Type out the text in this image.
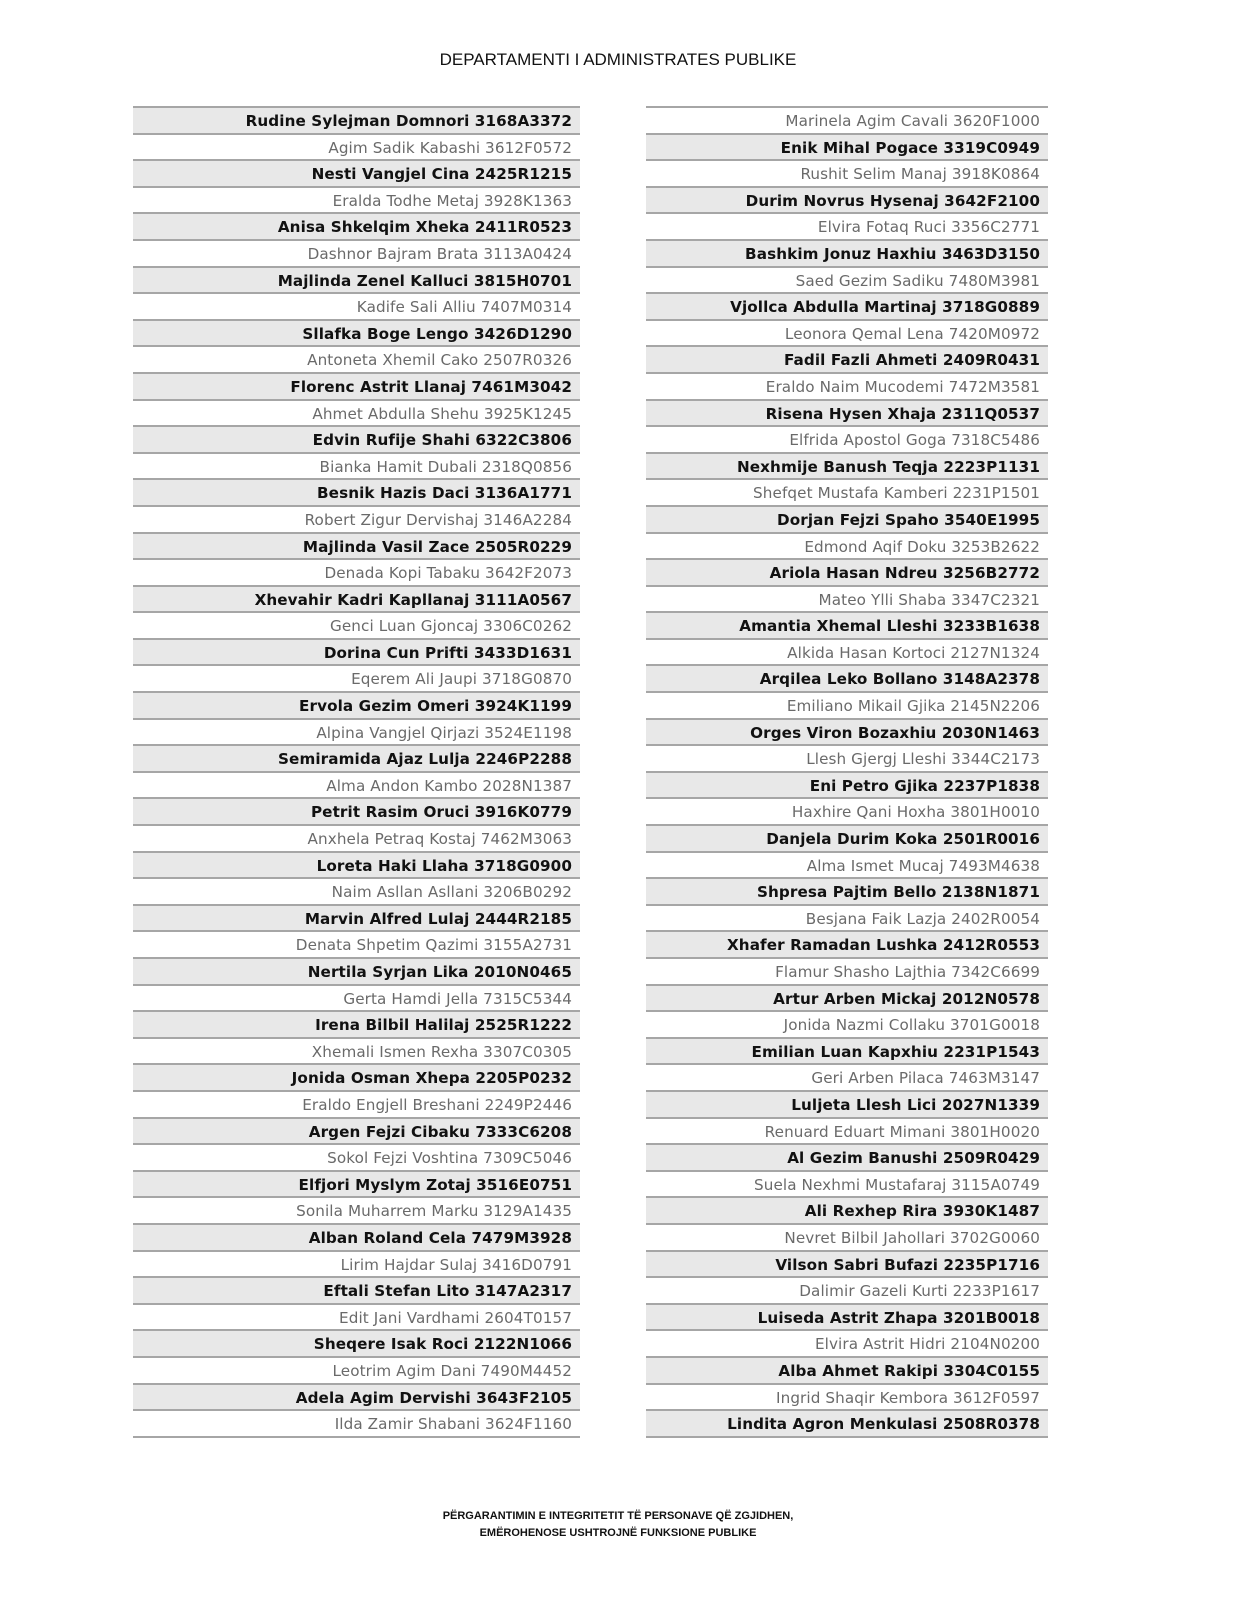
DEPARTAMENTI I ADMINISTRATES PUBLIKE
Rudine Sylejman Domnori 3168A3372
Agim Sadik Kabashi 3612F0572
Nesti Vangjel Cina 2425R1215
Eralda Todhe Metaj 3928K1363
Anisa Shkelqim Xheka 2411R0523
Dashnor Bajram Brata 3113A0424
Majlinda Zenel Kalluci 3815H0701
Kadife Sali Alliu 7407M0314
Sllafka Boge Lengo 3426D1290
Antoneta Xhemil Cako 2507R0326
Florenc Astrit Llanaj 7461M3042
Ahmet Abdulla Shehu 3925K1245
Edvin Rufije Shahi 6322C3806
Bianka Hamit Dubali 2318Q0856
Besnik Hazis Daci 3136A1771
Robert Zigur Dervishaj 3146A2284
Majlinda Vasil Zace 2505R0229
Denada Kopi Tabaku 3642F2073
Xhevahir Kadri Kapllanaj 3111A0567
Genci Luan Gjoncaj 3306C0262
Dorina Cun Prifti 3433D1631
Eqerem Ali Jaupi 3718G0870
Ervola Gezim Omeri 3924K1199
Alpina Vangjel Qirjazi 3524E1198
Semiramida Ajaz Lulja 2246P2288
Alma Andon Kambo 2028N1387
Petrit Rasim Oruci 3916K0779
Anxhela Petraq Kostaj 7462M3063
Loreta Haki Llaha 3718G0900
Naim Asllan Asllani 3206B0292
Marvin Alfred Lulaj 2444R2185
Denata Shpetim Qazimi 3155A2731
Nertila Syrjan Lika 2010N0465
Gerta Hamdi Jella 7315C5344
Irena Bilbil Halilaj 2525R1222
Xhemali Ismen Rexha 3307C0305
Jonida Osman Xhepa 2205P0232
Eraldo Engjell Breshani 2249P2446
Argen Fejzi Cibaku 7333C6208
Sokol Fejzi Voshtina 7309C5046
Elfjori Myslym Zotaj 3516E0751
Sonila Muharrem Marku 3129A1435
Alban Roland Cela 7479M3928
Lirim Hajdar Sulaj 3416D0791
Eftali Stefan Lito 3147A2317
Edit Jani Vardhami 2604T0157
Sheqere Isak Roci 2122N1066
Leotrim Agim Dani 7490M4452
Adela Agim Dervishi 3643F2105
Ilda Zamir Shabani 3624F1160
Marinela Agim Cavali 3620F1000
Enik Mihal Pogace 3319C0949
Rushit Selim Manaj 3918K0864
Durim Novrus Hysenaj 3642F2100
Elvira Fotaq Ruci 3356C2771
Bashkim Jonuz Haxhiu 3463D3150
Saed Gezim Sadiku 7480M3981
Vjollca Abdulla Martinaj 3718G0889
Leonora Qemal Lena 7420M0972
Fadil Fazli Ahmeti 2409R0431
Eraldo Naim Mucodemi 7472M3581
Risena Hysen Xhaja 2311Q0537
Elfrida Apostol Goga 7318C5486
Nexhmije Banush Teqja 2223P1131
Shefqet Mustafa Kamberi 2231P1501
Dorjan Fejzi Spaho 3540E1995
Edmond Aqif Doku 3253B2622
Ariola Hasan Ndreu 3256B2772
Mateo Ylli Shaba 3347C2321
Amantia Xhemal Lleshi 3233B1638
Alkida Hasan Kortoci 2127N1324
Arqilea Leko Bollano 3148A2378
Emiliano Mikail Gjika 2145N2206
Orges Viron Bozaxhiu 2030N1463
Llesh Gjergj Lleshi 3344C2173
Eni Petro Gjika 2237P1838
Haxhire Qani Hoxha 3801H0010
Danjela Durim Koka 2501R0016
Alma Ismet Mucaj 7493M4638
Shpresa Pajtim Bello 2138N1871
Besjana Faik Lazja 2402R0054
Xhafer Ramadan Lushka 2412R0553
Flamur Shasho Lajthia 7342C6699
Artur Arben Mickaj 2012N0578
Jonida Nazmi Collaku 3701G0018
Emilian Luan Kapxhiu 2231P1543
Geri Arben Pilaca 7463M3147
Luljeta Llesh Lici 2027N1339
Renuard Eduart Mimani 3801H0020
Al Gezim Banushi 2509R0429
Suela Nexhmi Mustafaraj 3115A0749
Ali Rexhep Rira 3930K1487
Nevret Bilbil Jahollari 3702G0060
Vilson Sabri Bufazi 2235P1716
Dalimir Gazeli Kurti 2233P1617
Luiseda Astrit Zhapa 3201B0018
Elvira Astrit Hidri 2104N0200
Alba Ahmet Rakipi 3304C0155
Ingrid Shaqir Kembora 3612F0597
Lindita Agron Menkulasi 2508R0378
PËRGARANTIMIN E INTEGRITETIT TË PERSONAVE QË ZGJIDHEN,
EMËROHENOSE USHTROJNË FUNKSIONE PUBLIKE
